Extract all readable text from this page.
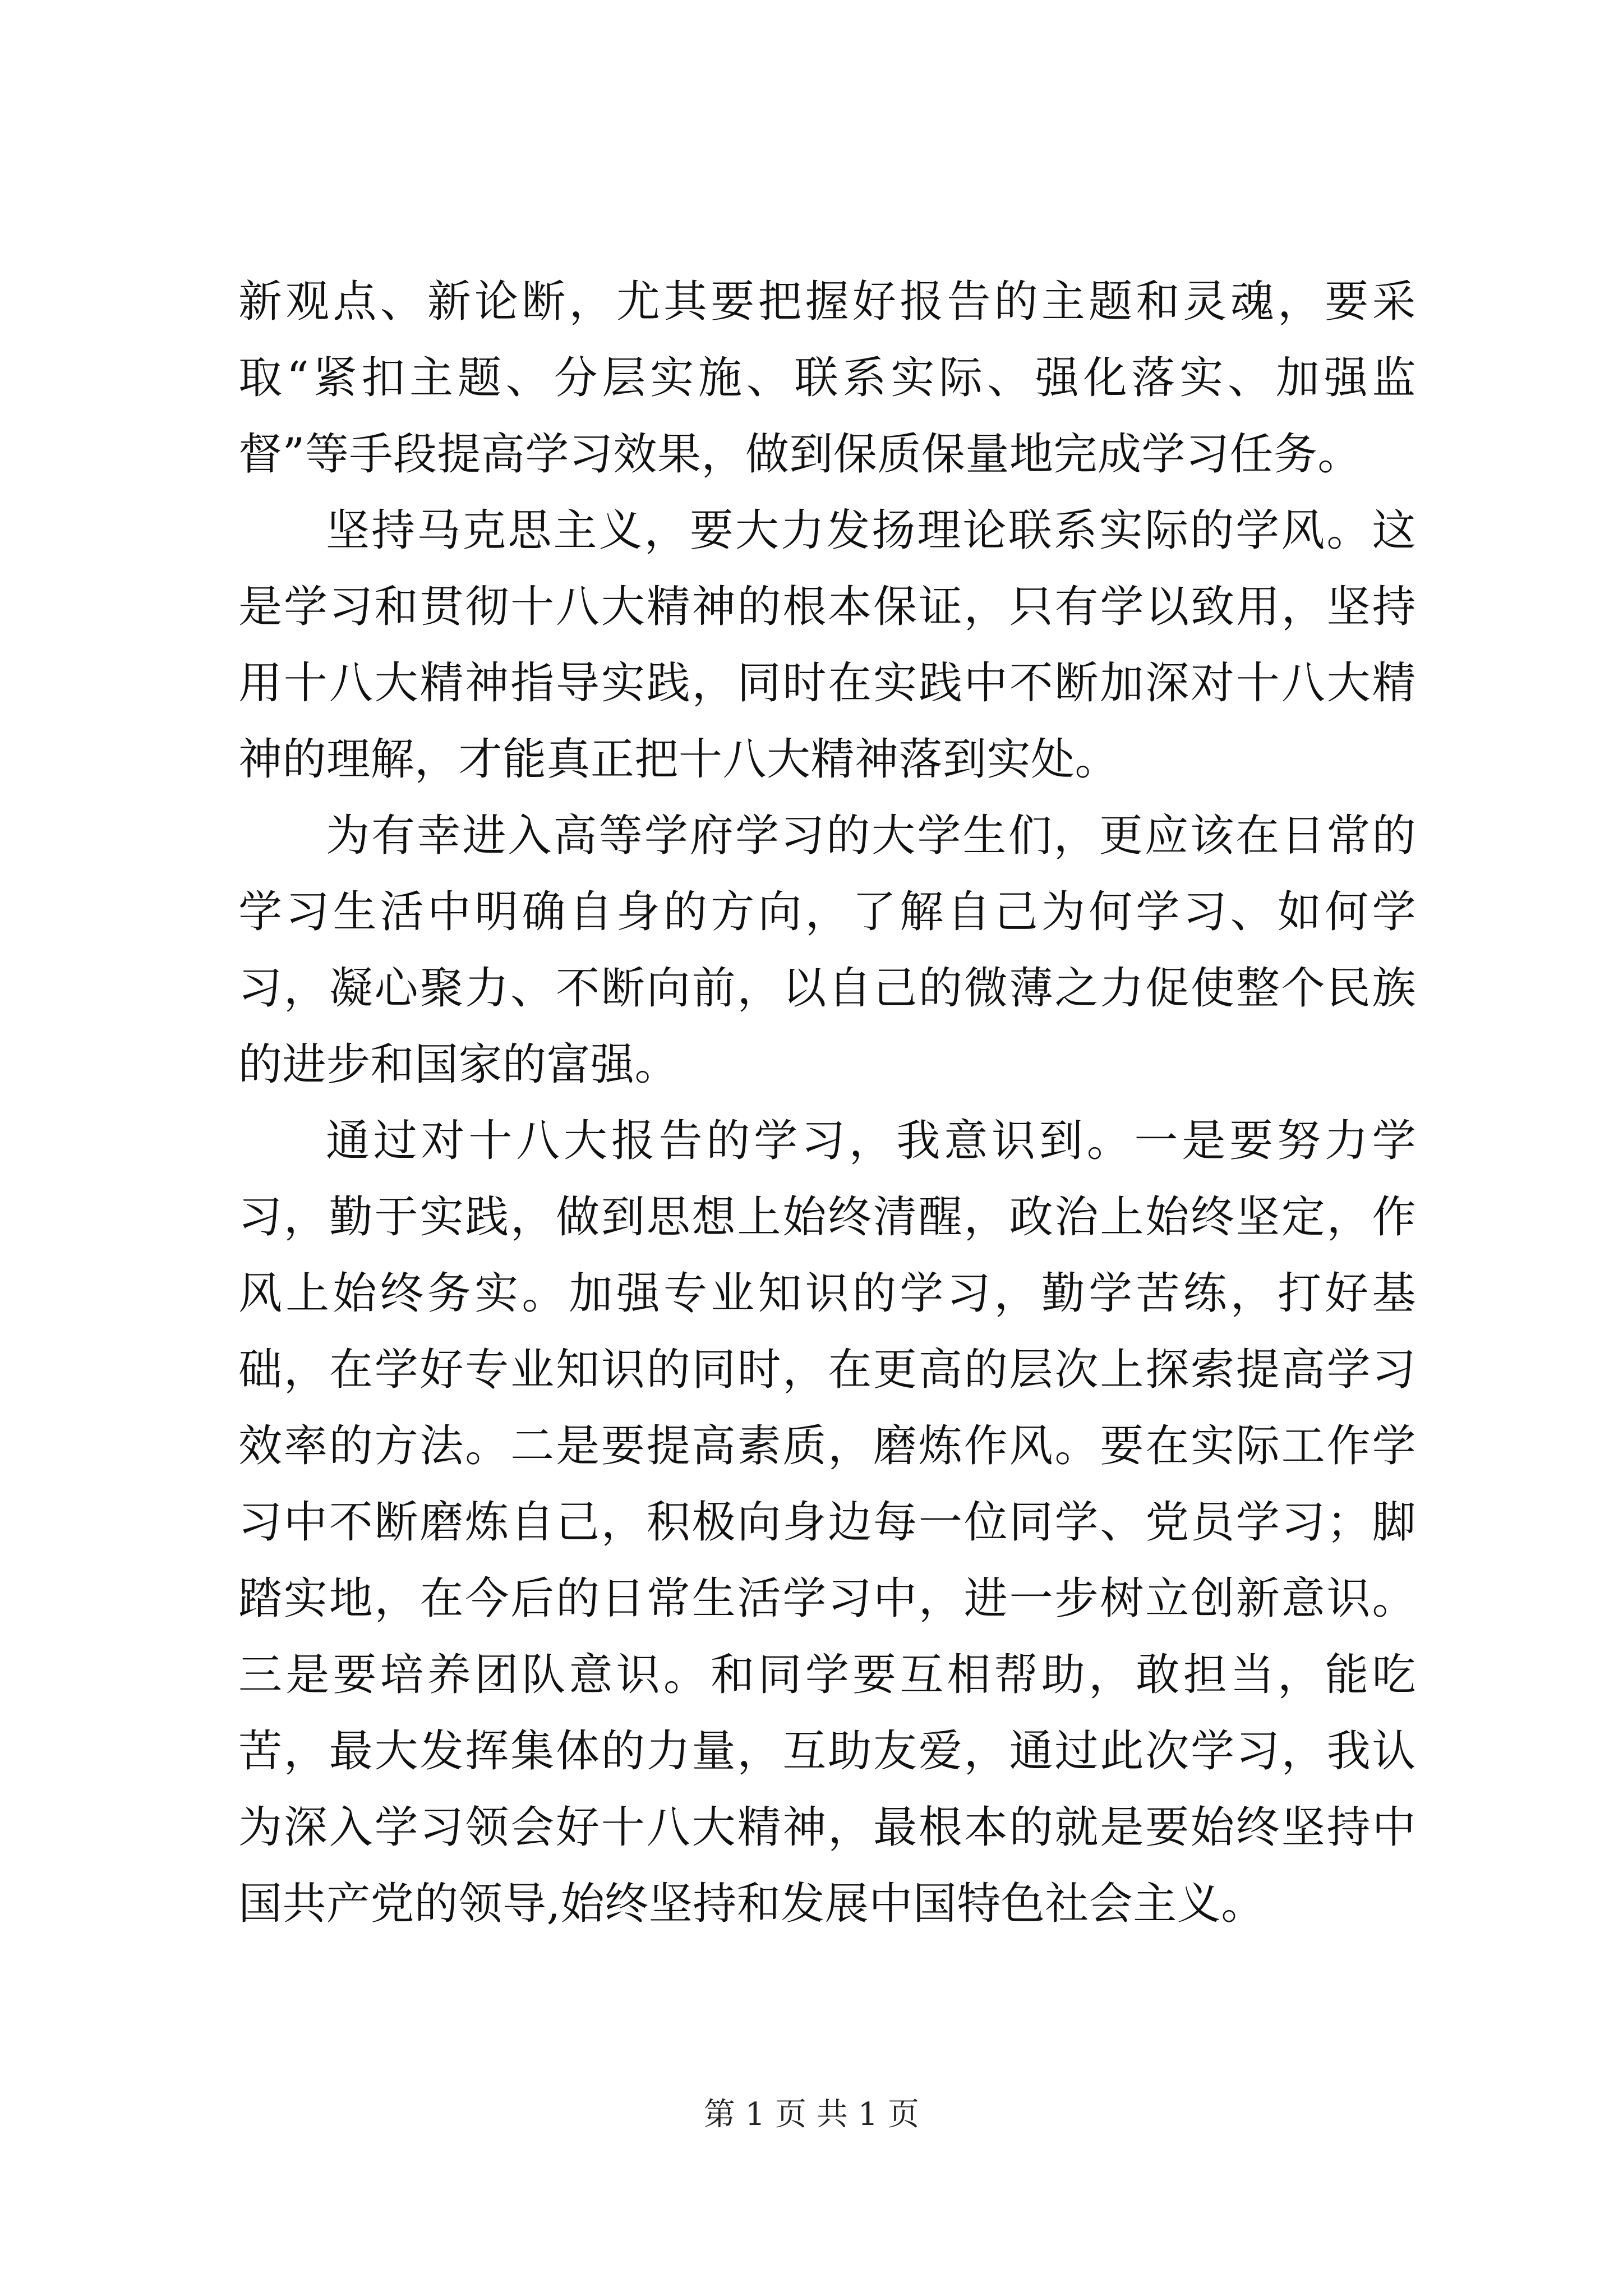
新观点、新论断，尤其要把握好报告的主题和灵魂，要采取“紧扣主题、分层实施、联系实际、强化落实、加强监督”等手段提高学习效果，做到保质保量地完成学习任务。

坚持马克思主义，要大力发扬理论联系实际的学风。这是学习和贯彻十八大精神的根本保证，只有学以致用，坚持用十八大精神指导实践，同时在实践中不断加深对十八大精神的理解，才能真正把十八大精神落到实处。

为有幸进入高等学府学习的大学生们，更应该在日常的学习生活中明确自身的方向，了解自己为何学习、如何学习，凝心聚力、不断向前，以自己的微薄之力促使整个民族的进步和国家的富强。

通过对十八大报告的学习，我意识到。一是要努力学习，勤于实践，做到思想上始终清醒，政治上始终坚定，作风上始终务实。加强专业知识的学习，勤学苦练，打好基础，在学好专业知识的同时，在更高的层次上探索提高学习效率的方法。二是要提高素质，磨炼作风。要在实际工作学习中不断磨炼自己，积极向身边每一位同学、党员学习；脚踏实地，在今后的日常生活学习中，进一步树立创新意识。三是要培养团队意识。和同学要互相帮助，敢担当，能吃苦，最大发挥集体的力量，互助友爱，通过此次学习，我认为深入学习领会好十八大精神，最根本的就是要始终坚持中国共产党的领导,始终坚持和发展中国特色社会主义。

第 1 页 共 1 页
